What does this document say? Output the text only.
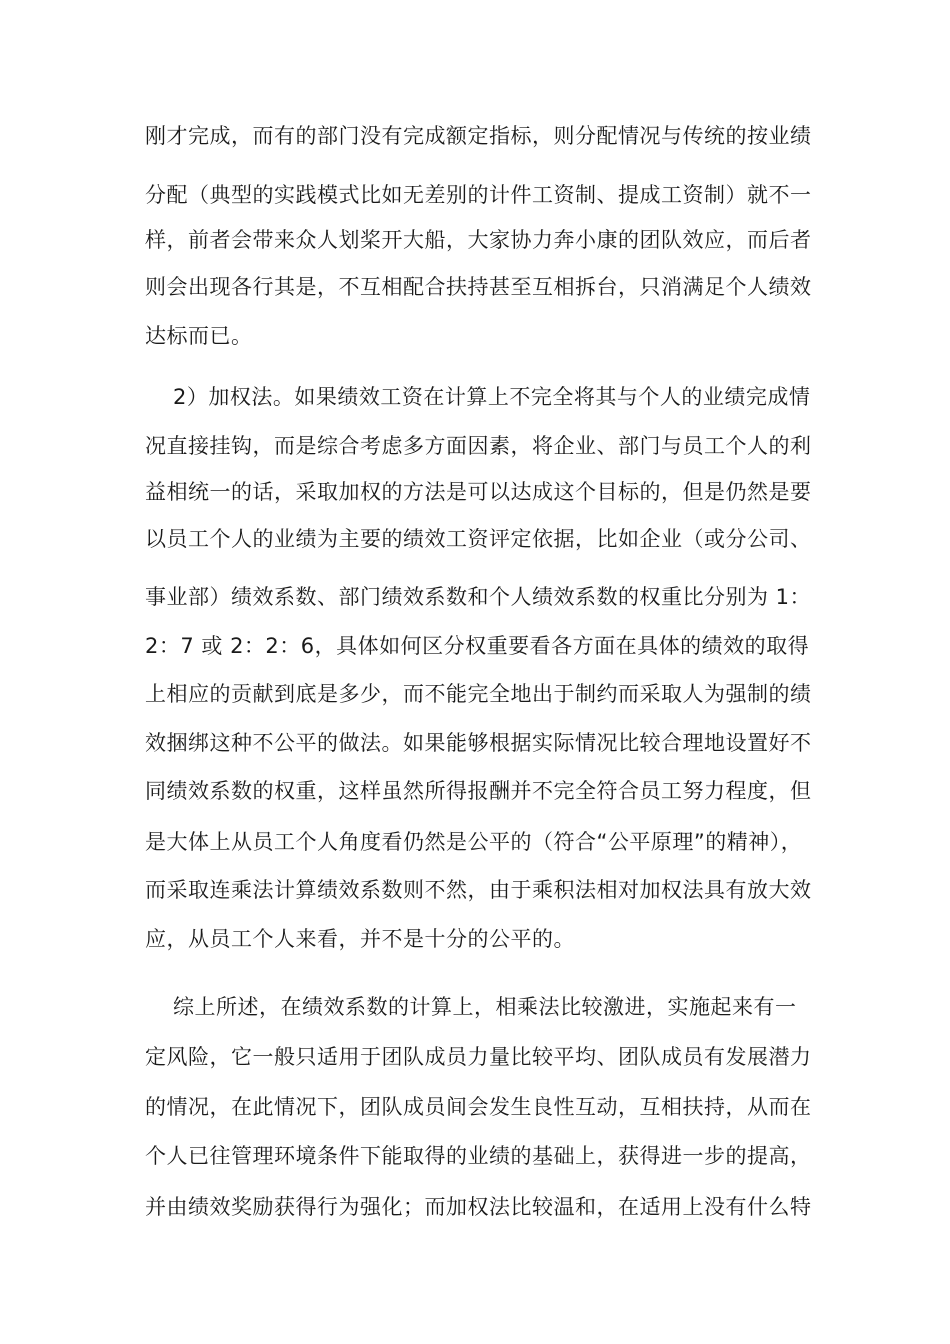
刚才完成，而有的部门没有完成额定指标，则分配情况与传统的按业绩
分配（典型的实践模式比如无差别的计件工资制、提成工资制）就不一
样，前者会带来众人划桨开大船，大家协力奔小康的团队效应，而后者
则会出现各行其是，不互相配合扶持甚至互相拆台，只消满足个人绩效
达标而已。
2）加权法。如果绩效工资在计算上不完全将其与个人的业绩完成情
况直接挂钩，而是综合考虑多方面因素，将企业、部门与员工个人的利
益相统一的话，采取加权的方法是可以达成这个目标的，但是仍然是要
以员工个人的业绩为主要的绩效工资评定依据，比如企业（或分公司、
事业部）绩效系数、部门绩效系数和个人绩效系数的权重比分别为 1：
2：7 或 2：2：6，具体如何区分权重要看各方面在具体的绩效的取得
上相应的贡献到底是多少，而不能完全地出于制约而采取人为强制的绩
效捆绑这种不公平的做法。如果能够根据实际情况比较合理地设置好不
同绩效系数的权重，这样虽然所得报酬并不完全符合员工努力程度，但
是大体上从员工个人角度看仍然是公平的（符合“公平原理”的精神），
而采取连乘法计算绩效系数则不然，由于乘积法相对加权法具有放大效
应，从员工个人来看，并不是十分的公平的。
综上所述，在绩效系数的计算上，相乘法比较激进，实施起来有一
定风险，它一般只适用于团队成员力量比较平均、团队成员有发展潜力
的情况，在此情况下，团队成员间会发生良性互动，互相扶持，从而在
个人已往管理环境条件下能取得的业绩的基础上，获得进一步的提高，
并由绩效奖励获得行为强化；而加权法比较温和，在适用上没有什么特
